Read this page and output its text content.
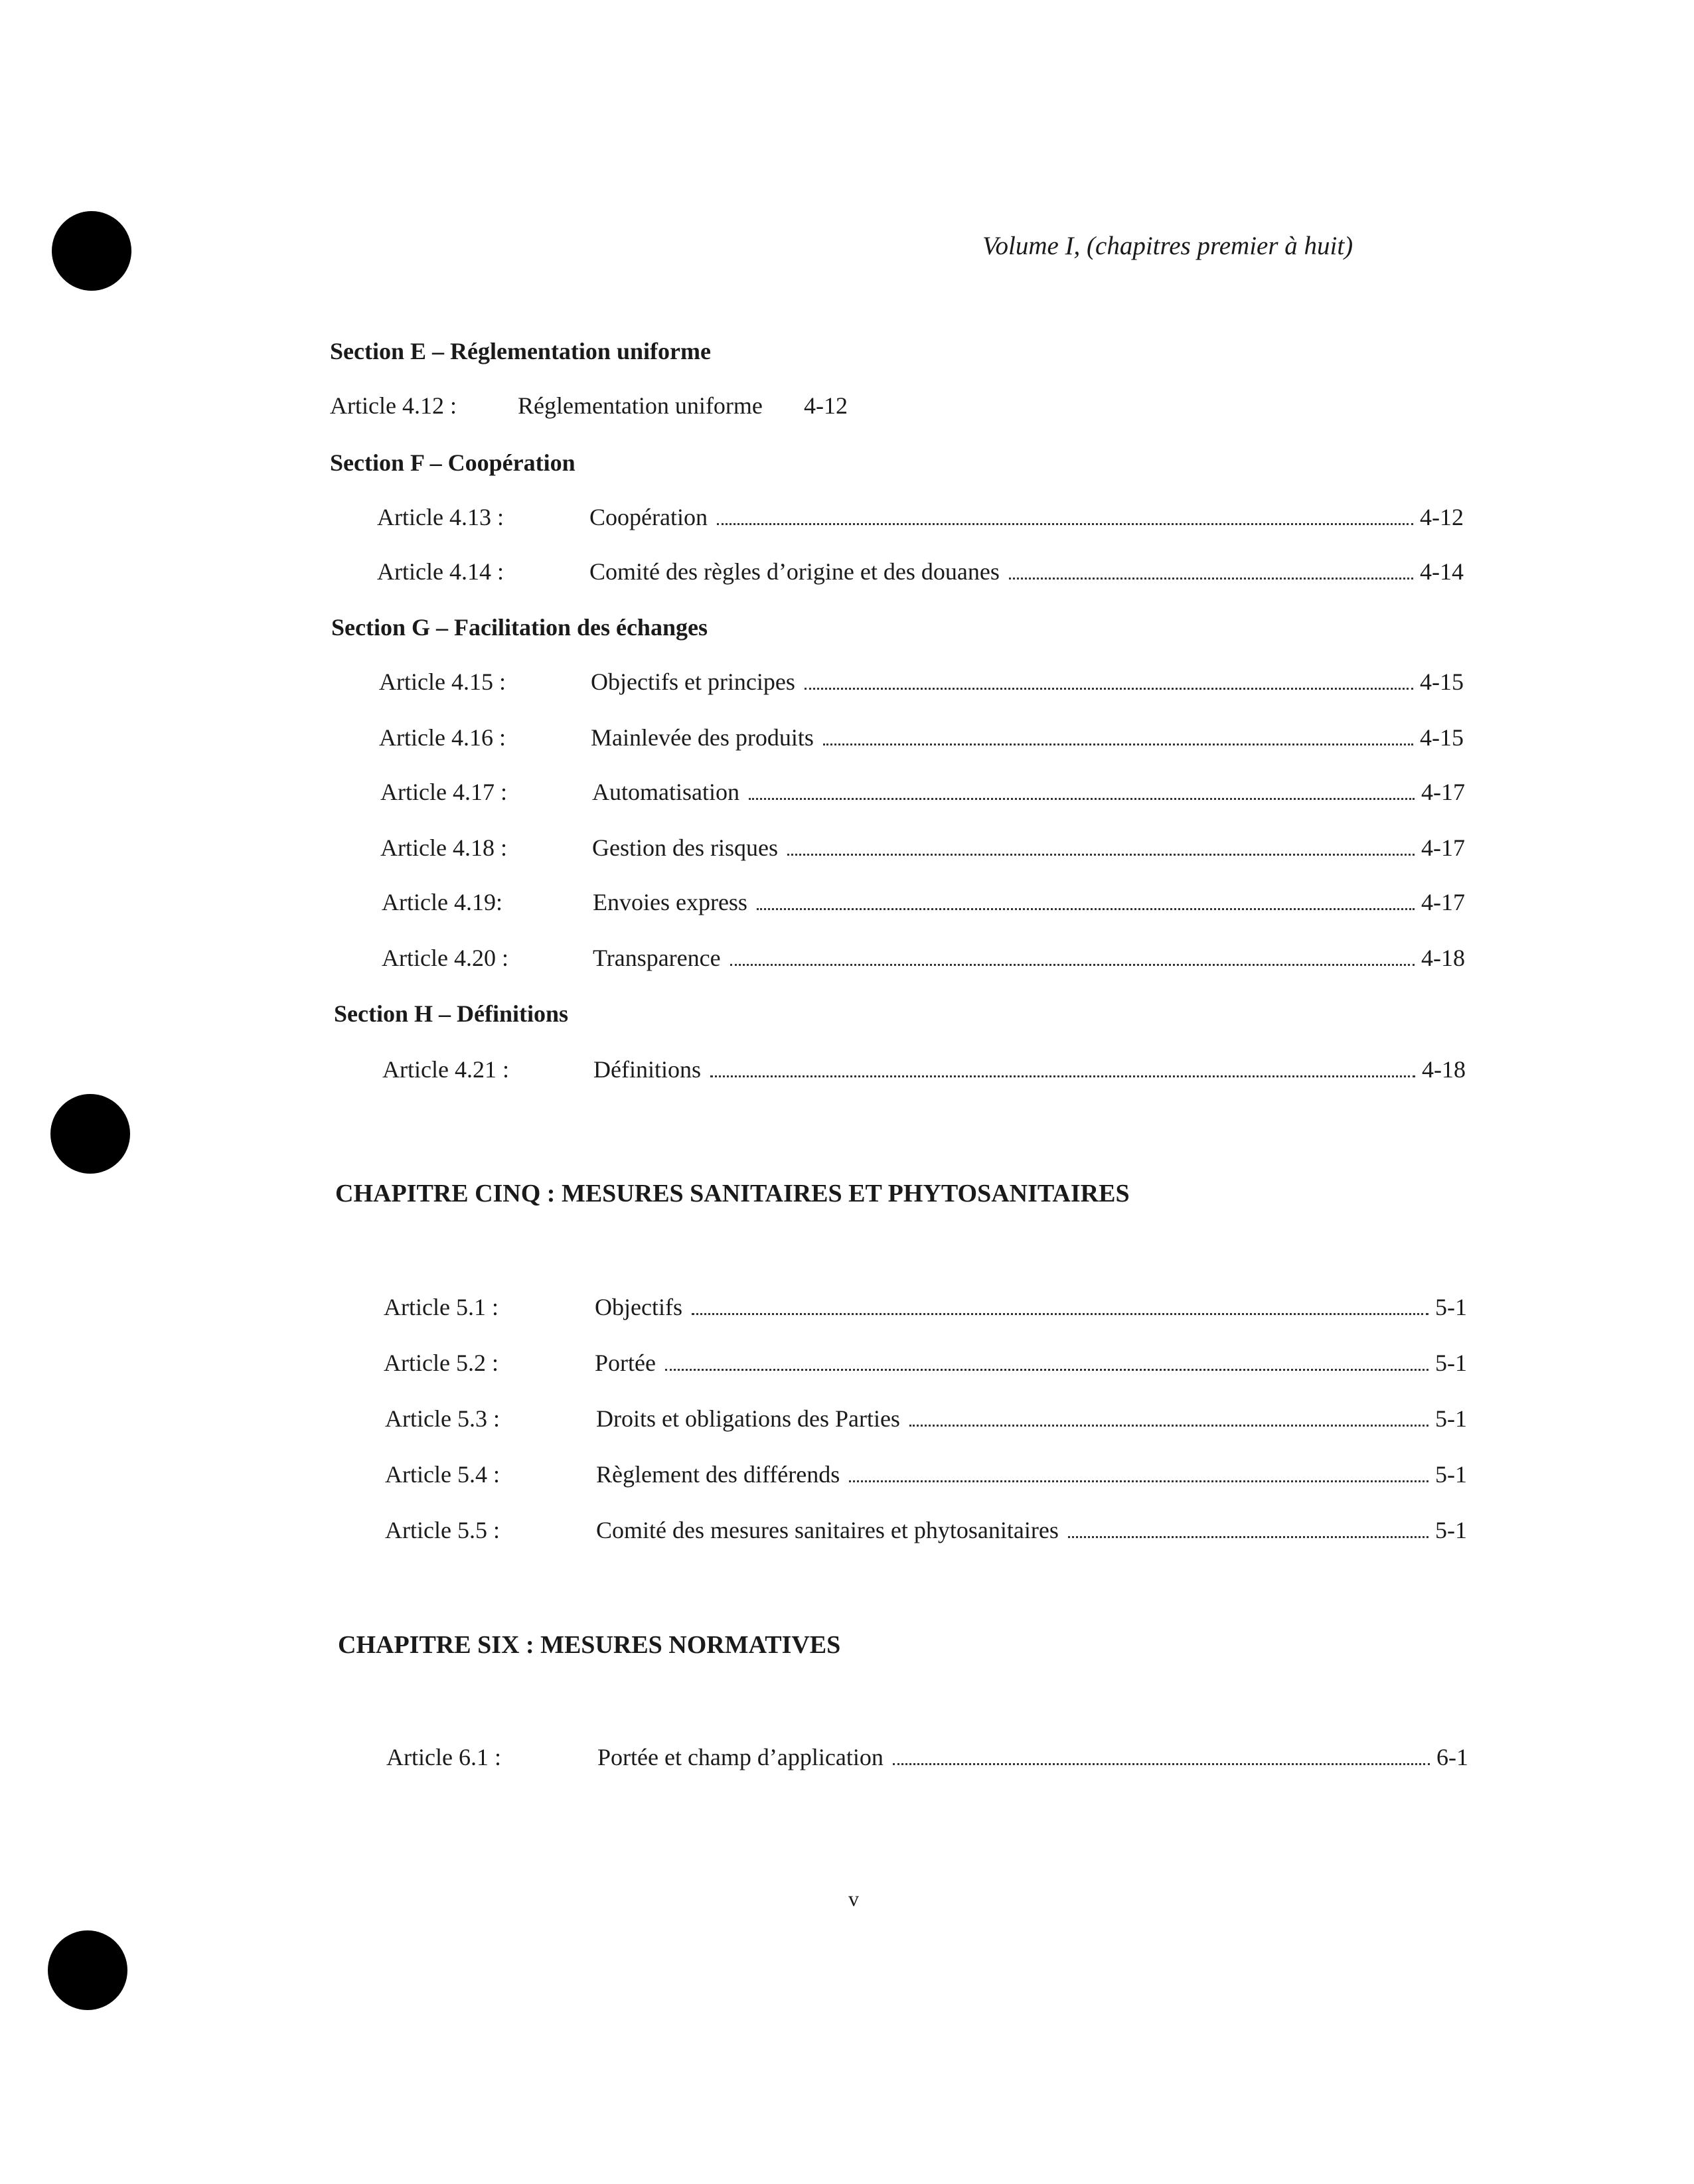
Volume I, (chapitres premier à huit)
Section E – Réglementation uniforme
Article 4.12 :	Réglementation uniforme 4-12
Section F – Coopération
Article 4.13 :	Coopération	4-12
Article 4.14 :	Comité des règles d’origine et des douanes	4-14
Section G – Facilitation des échanges
Article 4.15 :	Objectifs et principes	4-15
Article 4.16 :	Mainlevée des produits	4-15
Article 4.17 :	Automatisation	4-17
Article 4.18 :	Gestion des risques	4-17
Article 4.19:	Envoies express	4-17
Article 4.20 :	Transparence	4-18
Section H – Définitions
Article 4.21 :	Définitions	4-18
CHAPITRE CINQ : MESURES SANITAIRES ET PHYTOSANITAIRES
Article 5.1 :	Objectifs	5-1
Article 5.2 :	Portée	5-1
Article 5.3 :	Droits et obligations des Parties	5-1
Article 5.4 :	Règlement des différends	5-1
Article 5.5 :	Comité des mesures sanitaires et phytosanitaires	5-1
CHAPITRE SIX : MESURES NORMATIVES
Article 6.1 :	Portée et champ d’application	6-1
v
